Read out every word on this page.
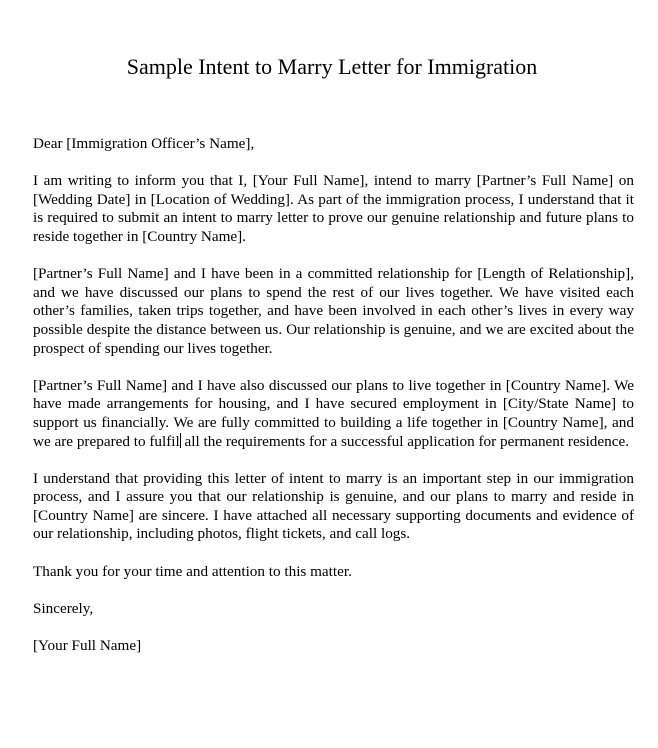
Sample Intent to Marry Letter for Immigration

Dear [Immigration Officer’s Name],

I am writing to inform you that I, [Your Full Name], intend to marry [Partner’s Full Name] on [Wedding Date] in [Location of Wedding]. As part of the immigration process, I understand that it is required to submit an intent to marry letter to prove our genuine relationship and future plans to reside together in [Country Name].

[Partner’s Full Name] and I have been in a committed relationship for [Length of Relationship], and we have discussed our plans to spend the rest of our lives together. We have visited each other’s families, taken trips together, and have been involved in each other’s lives in every way possible despite the distance between us. Our relationship is genuine, and we are excited about the prospect of spending our lives together.

[Partner’s Full Name] and I have also discussed our plans to live together in [Country Name]. We have made arrangements for housing, and I have secured employment in [City/State Name] to support us financially. We are fully committed to building a life together in [Country Name], and we are prepared to fulfil all the requirements for a successful application for permanent residence.

I understand that providing this letter of intent to marry is an important step in our immigration process, and I assure you that our relationship is genuine, and our plans to marry and reside in [Country Name] are sincere. I have attached all necessary supporting documents and evidence of our relationship, including photos, flight tickets, and call logs.

Thank you for your time and attention to this matter.

Sincerely,

[Your Full Name]
